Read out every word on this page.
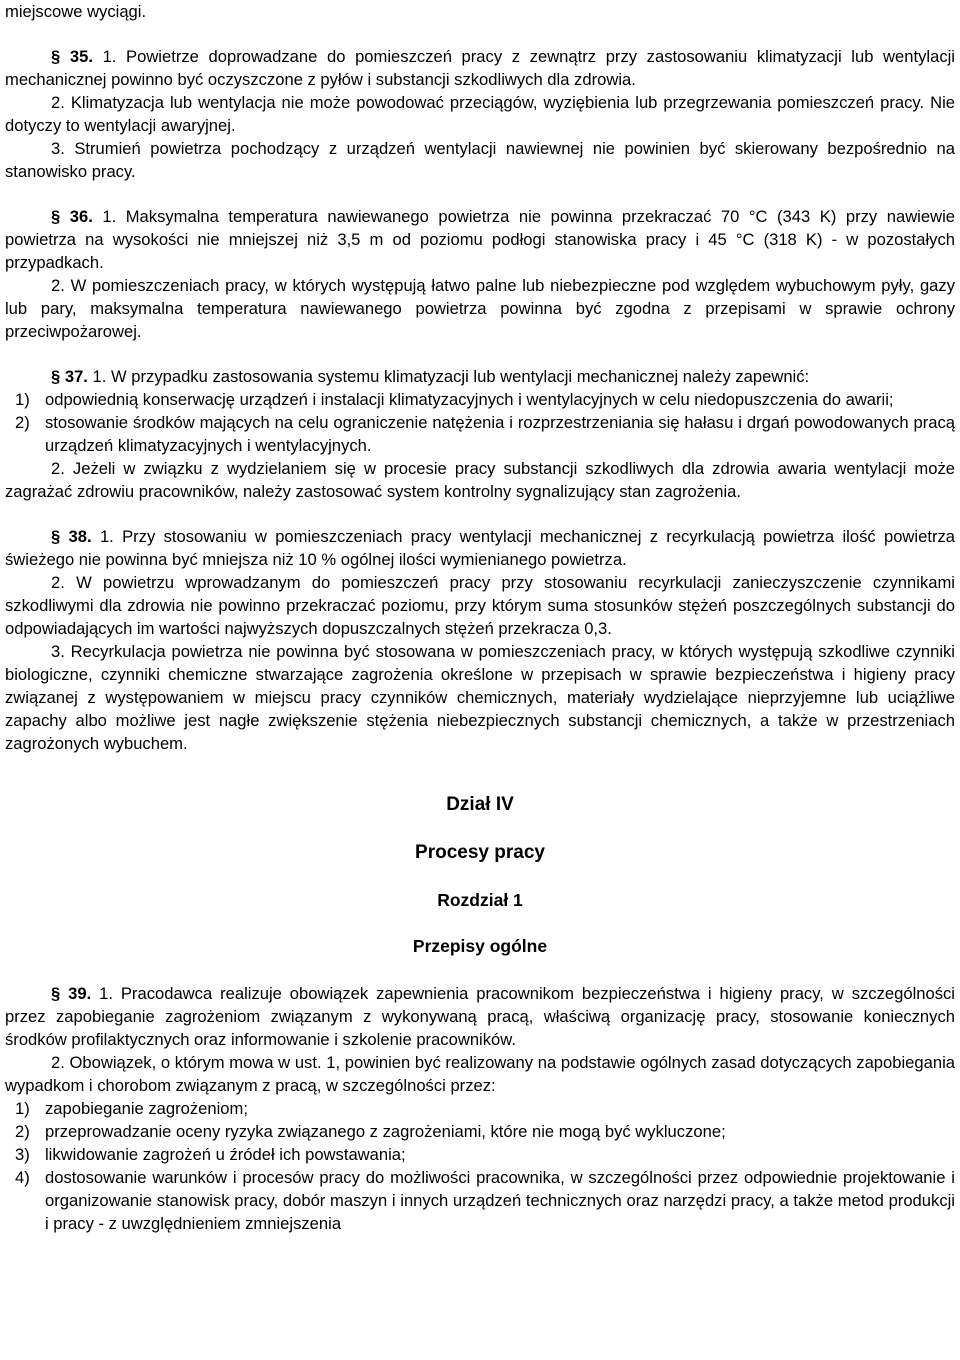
miejscowe wyciągi.

§ 35. 1. Powietrze doprowadzane do pomieszczeń pracy z zewnątrz przy zastosowaniu klimatyzacji lub wentylacji mechanicznej powinno być oczyszczone z pyłów i substancji szkodliwych dla zdrowia.

2. Klimatyzacja lub wentylacja nie może powodować przeciągów, wyziębienia lub przegrzewania pomieszczeń pracy. Nie dotyczy to wentylacji awaryjnej.

3. Strumień powietrza pochodzący z urządzeń wentylacji nawiewnej nie powinien być skierowany bezpośrednio na stanowisko pracy.

§ 36. 1. Maksymalna temperatura nawiewanego powietrza nie powinna przekraczać 70 °C (343 K) przy nawiewie powietrza na wysokości nie mniejszej niż 3,5 m od poziomu podłogi stanowiska pracy i 45 °C (318 K) - w pozostałych przypadkach.

2. W pomieszczeniach pracy, w których występują łatwo palne lub niebezpieczne pod względem wybuchowym pyły, gazy lub pary, maksymalna temperatura nawiewanego powietrza powinna być zgodna z przepisami w sprawie ochrony przeciwpożarowej.

§ 37. 1. W przypadku zastosowania systemu klimatyzacji lub wentylacji mechanicznej należy zapewnić:

1) odpowiednią konserwację urządzeń i instalacji klimatyzacyjnych i wentylacyjnych w celu niedopuszczenia do awarii;
2) stosowanie środków mających na celu ograniczenie natężenia i rozprzestrzeniania się hałasu i drgań powodowanych pracą urządzeń klimatyzacyjnych i wentylacyjnych.

2. Jeżeli w związku z wydzielaniem się w procesie pracy substancji szkodliwych dla zdrowia awaria wentylacji może zagrażać zdrowiu pracowników, należy zastosować system kontrolny sygnalizujący stan zagrożenia.

§ 38. 1. Przy stosowaniu w pomieszczeniach pracy wentylacji mechanicznej z recyrkulacją powietrza ilość powietrza świeżego nie powinna być mniejsza niż 10 % ogólnej ilości wymienianego powietrza.

2. W powietrzu wprowadzanym do pomieszczeń pracy przy stosowaniu recyrkulacji zanieczyszczenie czynnikami szkodliwymi dla zdrowia nie powinno przekraczać poziomu, przy którym suma stosunków stężeń poszczególnych substancji do odpowiadających im wartości najwyższych dopuszczalnych stężeń przekracza 0,3.

3. Recyrkulacja powietrza nie powinna być stosowana w pomieszczeniach pracy, w których występują szkodliwe czynniki biologiczne, czynniki chemiczne stwarzające zagrożenia określone w przepisach w sprawie bezpieczeństwa i higieny pracy związanej z występowaniem w miejscu pracy czynników chemicznych, materiały wydzielające nieprzyjemne lub uciążliwe zapachy albo możliwe jest nagłe zwiększenie stężenia niebezpiecznych substancji chemicznych, a także w przestrzeniach zagrożonych wybuchem.

Dział IV
Procesy pracy
Rozdział 1
Przepisy ogólne

§ 39. 1. Pracodawca realizuje obowiązek zapewnienia pracownikom bezpieczeństwa i higieny pracy, w szczególności przez zapobieganie zagrożeniom związanym z wykonywaną pracą, właściwą organizację pracy, stosowanie koniecznych środków profilaktycznych oraz informowanie i szkolenie pracowników.

2. Obowiązek, o którym mowa w ust. 1, powinien być realizowany na podstawie ogólnych zasad dotyczących zapobiegania wypadkom i chorobom związanym z pracą, w szczególności przez:

1) zapobieganie zagrożeniom;
2) przeprowadzanie oceny ryzyka związanego z zagrożeniami, które nie mogą być wykluczone;
3) likwidowanie zagrożeń u źródeł ich powstawania;
4) dostosowanie warunków i procesów pracy do możliwości pracownika, w szczególności przez odpowiednie projektowanie i organizowanie stanowisk pracy, dobór maszyn i innych urządzeń technicznych oraz narzędzi pracy, a także metod produkcji i pracy - z uwzględnieniem zmniejszenia
